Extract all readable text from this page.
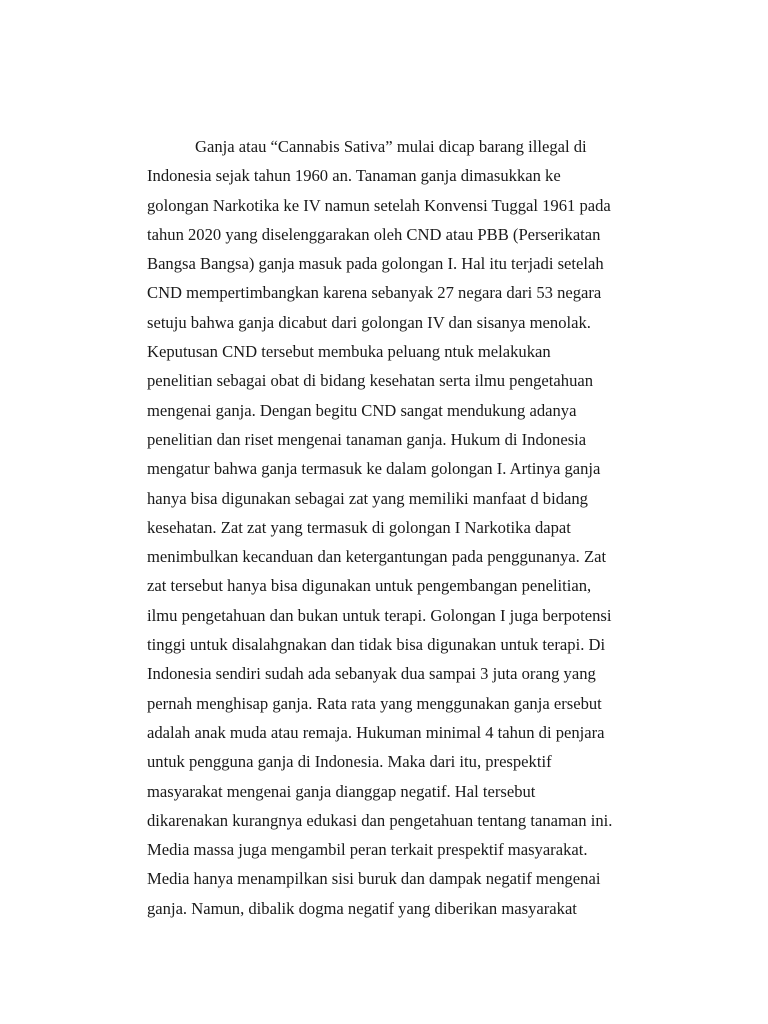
Ganja atau “Cannabis Sativa” mulai dicap barang illegal di
Indonesia sejak tahun 1960 an. Tanaman ganja dimasukkan ke
golongan Narkotika ke IV namun setelah Konvensi Tuggal 1961 pada
tahun 2020 yang diselenggarakan oleh CND atau PBB (Perserikatan
Bangsa Bangsa) ganja masuk pada golongan I. Hal itu terjadi setelah
CND mempertimbangkan karena sebanyak 27 negara dari 53 negara
setuju bahwa ganja dicabut dari golongan IV dan sisanya menolak.
Keputusan CND tersebut membuka peluang ntuk melakukan
penelitian sebagai obat di bidang kesehatan serta ilmu pengetahuan
mengenai ganja. Dengan begitu CND sangat mendukung adanya
penelitian dan riset mengenai tanaman ganja. Hukum di Indonesia
mengatur bahwa ganja termasuk ke dalam golongan I. Artinya ganja
hanya bisa digunakan sebagai zat yang memiliki manfaat d bidang
kesehatan. Zat zat yang termasuk di golongan I Narkotika dapat
menimbulkan kecanduan dan ketergantungan pada penggunanya. Zat
zat tersebut hanya bisa digunakan untuk pengembangan penelitian,
ilmu pengetahuan dan bukan untuk terapi. Golongan I juga berpotensi
tinggi untuk disalahgnakan dan tidak bisa digunakan untuk terapi. Di
Indonesia sendiri sudah ada sebanyak dua sampai 3 juta orang yang
pernah menghisap ganja. Rata rata yang menggunakan ganja ersebut
adalah anak muda atau remaja. Hukuman minimal 4 tahun di penjara
untuk pengguna ganja di Indonesia. Maka dari itu, prespektif
masyarakat mengenai ganja dianggap negatif. Hal tersebut
dikarenakan kurangnya edukasi dan pengetahuan tentang tanaman ini.
Media massa juga mengambil peran terkait prespektif masyarakat.
Media hanya menampilkan sisi buruk dan dampak negatif mengenai
ganja. Namun, dibalik dogma negatif yang diberikan masyarakat
